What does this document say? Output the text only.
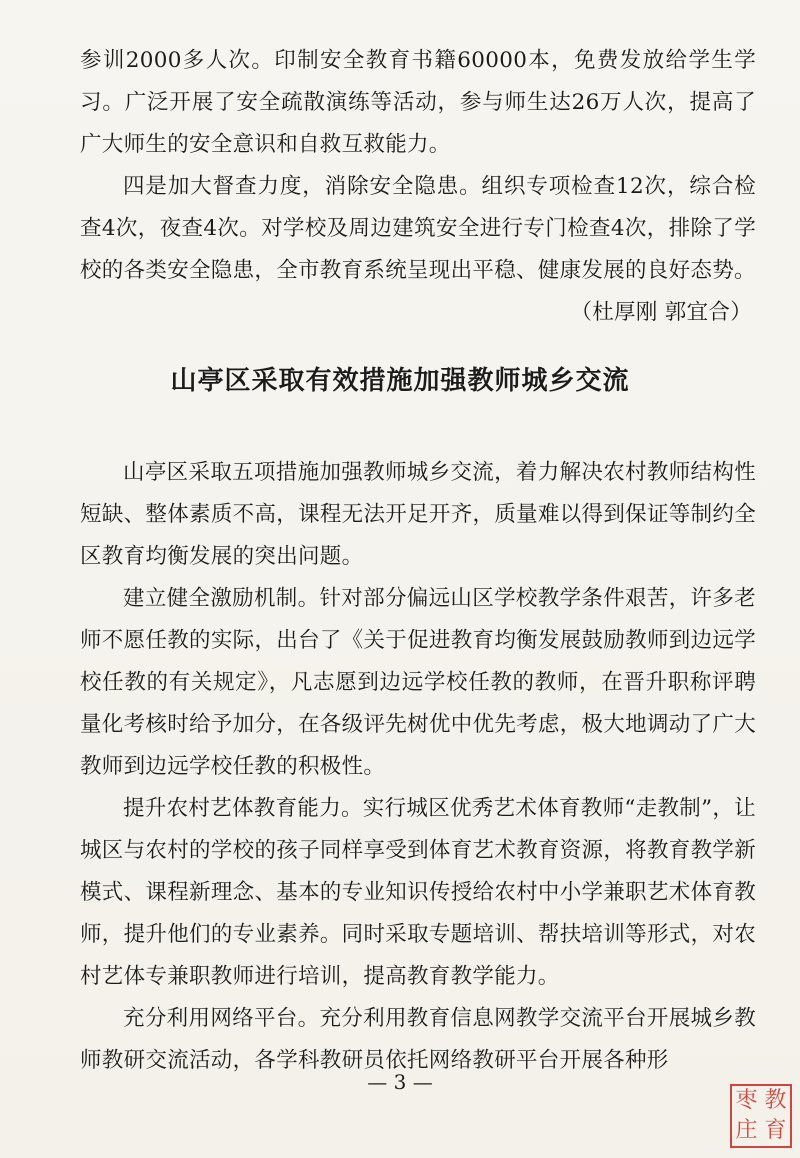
参训2000多人次。印制安全教育书籍60000本，免费发放给学生学习。广泛开展了安全疏散演练等活动，参与师生达26万人次，提高了广大师生的安全意识和自救互救能力。

四是加大督查力度，消除安全隐患。组织专项检查12次，综合检查4次，夜查4次。对学校及周边建筑安全进行专门检查4次，排除了学校的各类安全隐患，全市教育系统呈现出平稳、健康发展的良好态势。

（杜厚刚 郭宜合）

山亭区采取有效措施加强教师城乡交流

山亭区采取五项措施加强教师城乡交流，着力解决农村教师结构性短缺、整体素质不高，课程无法开足开齐，质量难以得到保证等制约全区教育均衡发展的突出问题。

建立健全激励机制。针对部分偏远山区学校教学条件艰苦，许多老师不愿任教的实际，出台了《关于促进教育均衡发展鼓励教师到边远学校任教的有关规定》，凡志愿到边远学校任教的教师，在晋升职称评聘量化考核时给予加分，在各级评先树优中优先考虑，极大地调动了广大教师到边远学校任教的积极性。

提升农村艺体教育能力。实行城区优秀艺术体育教师“走教制”，让城区与农村的学校的孩子同样享受到体育艺术教育资源，将教育教学新模式、课程新理念、基本的专业知识传授给农村中小学兼职艺术体育教师，提升他们的专业素养。同时采取专题培训、帮扶培训等形式，对农村艺体专兼职教师进行培训，提高教育教学能力。

充分利用网络平台。充分利用教育信息网教学交流平台开展城乡教师教研交流活动，各学科教研员依托网络教研平台开展各种形

— 3 —
枣 教
庄 育
